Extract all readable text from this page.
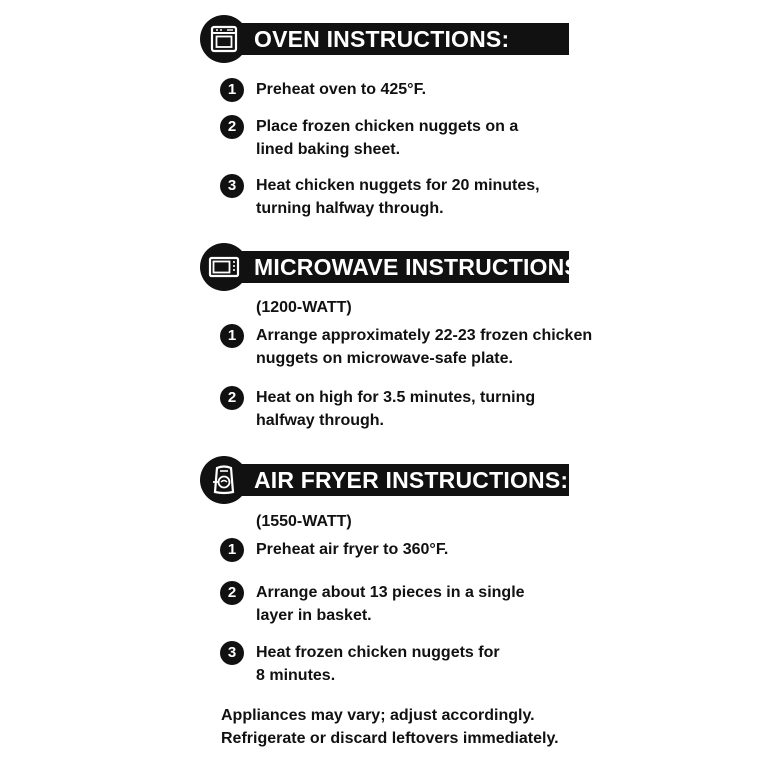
OVEN INSTRUCTIONS:
1	Preheat oven to 425°F.
2	Place frozen chicken nuggets on a lined baking sheet.
3	Heat chicken nuggets for 20 minutes, turning halfway through.
MICROWAVE INSTRUCTIONS:
(1200-WATT)
1	Arrange approximately 22-23 frozen chicken nuggets on microwave-safe plate.
2	Heat on high for 3.5 minutes, turning halfway through.
AIR FRYER INSTRUCTIONS:
(1550-WATT)
1	Preheat air fryer to 360°F.
2	Arrange about 13 pieces in a single layer in basket.
3	Heat frozen chicken nuggets for 8 minutes.
Appliances may vary; adjust accordingly.
Refrigerate or discard leftovers immediately.
